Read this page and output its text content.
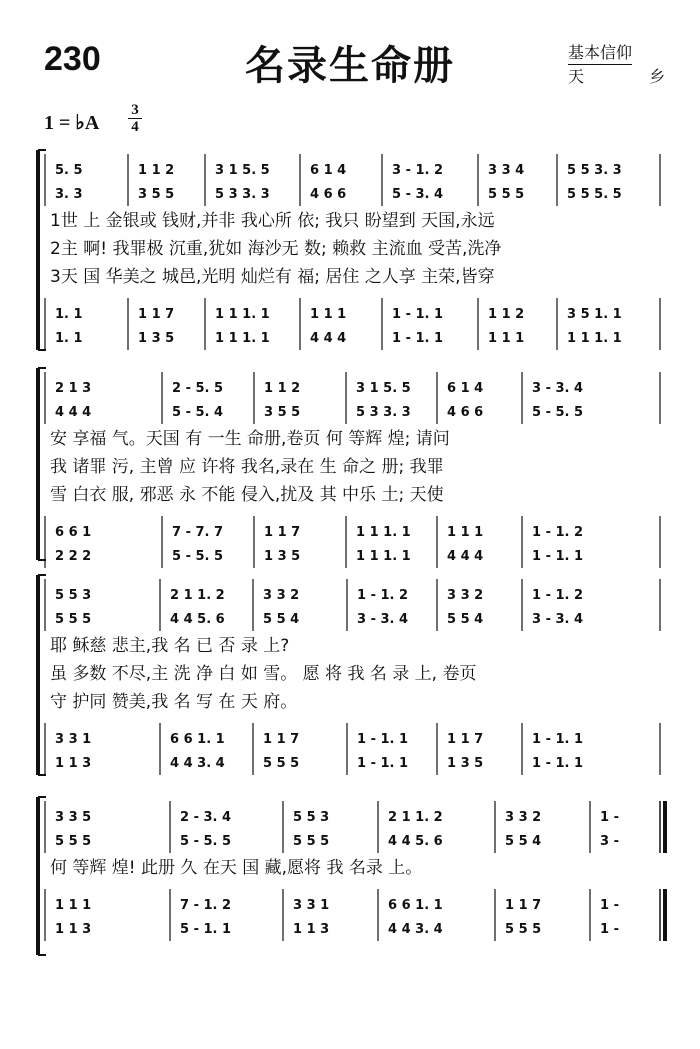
230	名录生命册	基本信仰
天 乡
1 = ♭A
3
4
5. 5
3. 3
1 1 2
3 5 5
3 1 5. 5
5 3 3. 3
6 1 4
4 6 6
3 - 1. 2
5 - 3. 4
3 3 4
5 5 5
5 5 3. 3
5 5 5. 5
1世 上 金银或 钱财,并非 我心所 依; 我只 盼望到 天国,永远
2主 啊! 我罪极 沉重,犹如 海沙无 数; 赖救 主流血 受苦,洗净
3天 国 华美之 城邑,光明 灿烂有 福; 居住 之人享 主荣,皆穿
1. 1
1. 1
1 1 7
1 3 5
1 1 1. 1
1 1 1. 1
1 1 1
4 4 4
1 - 1. 1
1 - 1. 1
1 1 2
1 1 1
3 5 1. 1
1 1 1. 1
2 1 3
4 4 4
2 - 5. 5
5 - 5. 4
1 1 2
3 5 5
3 1 5. 5
5 3 3. 3
6 1 4
4 6 6
3 - 3. 4
5 - 5. 5
安 享福 气。天国 有 一生 命册,卷页 何 等辉 煌; 请问
我 诸罪 污, 主曾 应 许将 我名,录在 生 命之 册; 我罪
雪 白衣 服, 邪恶 永 不能 侵入,扰及 其 中乐 土; 天使
6 6 1
2 2 2
7 - 7. 7
5 - 5. 5
1 1 7
1 3 5
1 1 1. 1
1 1 1. 1
1 1 1
4 4 4
1 - 1. 2
1 - 1. 1
5 5 3
5 5 5
2 1 1. 2
4 4 5. 6
3 3 2
5 5 4
1 - 1. 2
3 - 3. 4
3 3 2
5 5 4
1 - 1. 2
3 - 3. 4
耶 稣慈 悲主,我 名 已 否 录 上?
虽 多数 不尽,主 洗 净 白 如 雪。 愿 将 我 名 录 上, 卷页
守 护同 赞美,我 名 写 在 天 府。
3 3 1
1 1 3
6 6 1. 1
4 4 3. 4
1 1 7
5 5 5
1 - 1. 1
1 - 1. 1
1 1 7
1 3 5
1 - 1. 1
1 - 1. 1
3 3 5
5 5 5
2 - 3. 4
5 - 5. 5
5 5 3
5 5 5
2 1 1. 2
4 4 5. 6
3 3 2
5 5 4
1 -
3 -
何 等辉 煌! 此册 久 在天 国 藏,愿将 我 名录 上。
1 1 1
1 1 3
7 - 1. 2
5 - 1. 1
3 3 1
1 1 3
6 6 1. 1
4 4 3. 4
1 1 7
5 5 5
1 -
1 -
